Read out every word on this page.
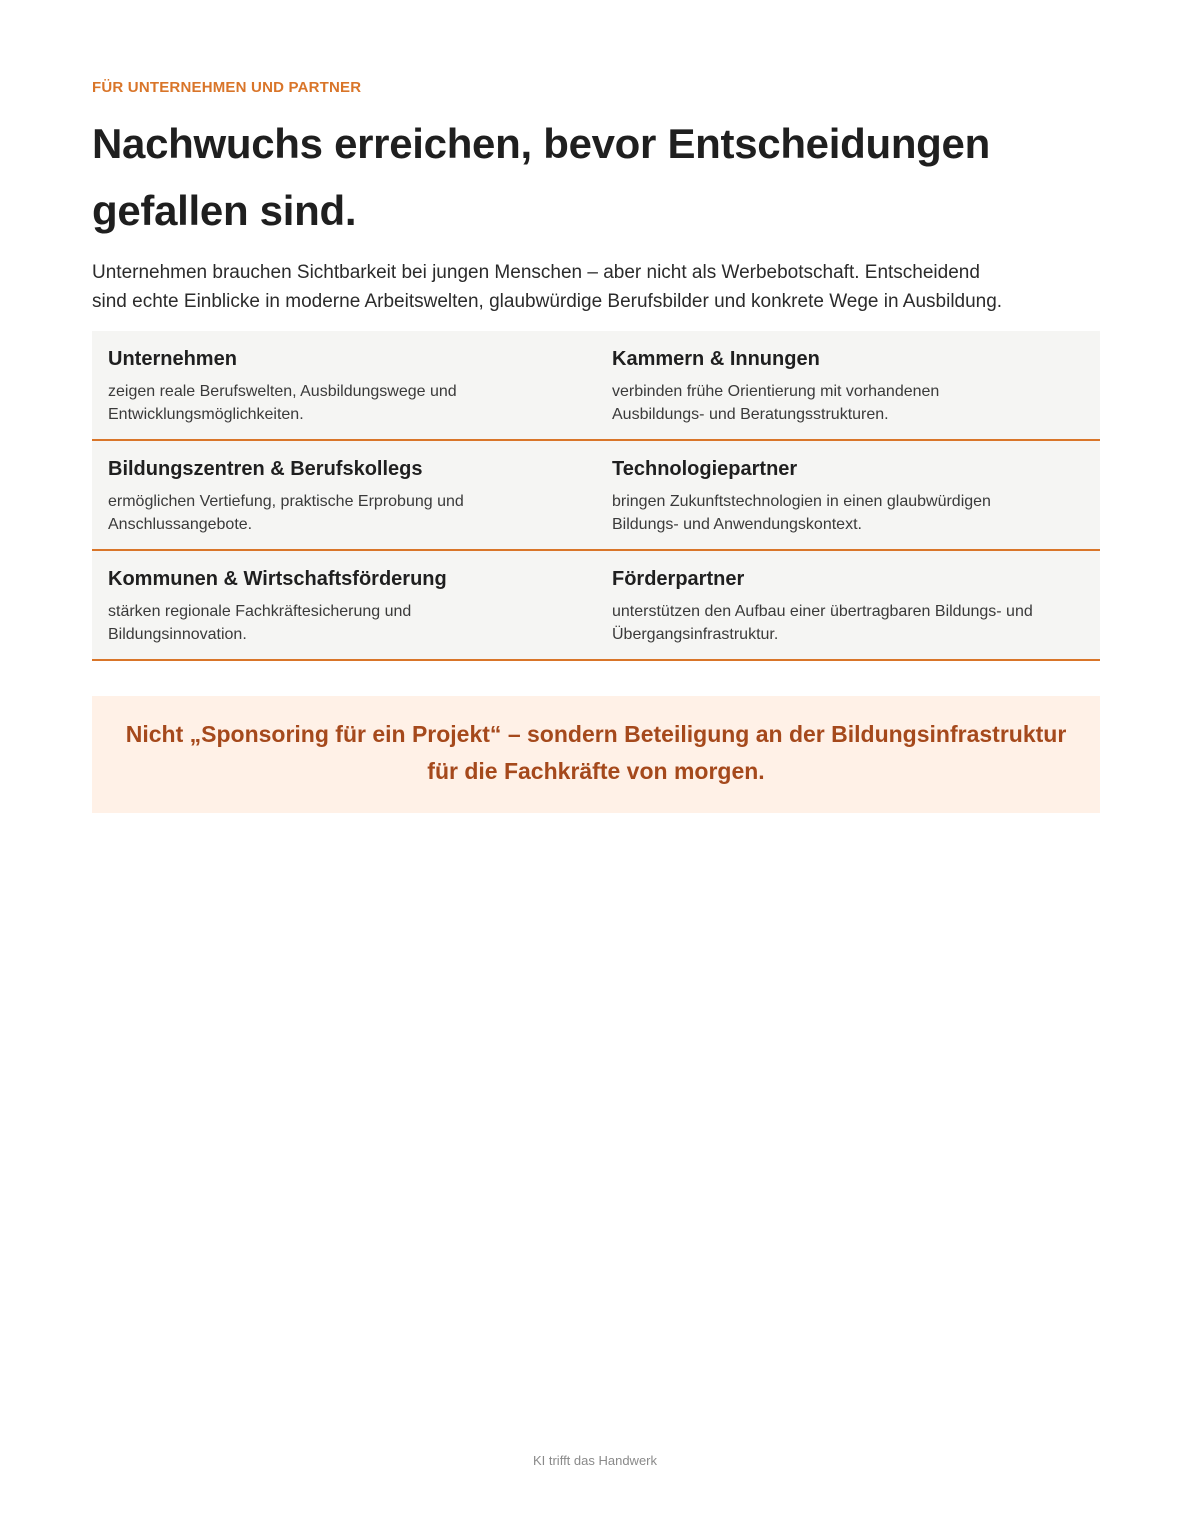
FÜR UNTERNEHMEN UND PARTNER

Nachwuchs erreichen, bevor Entscheidungen
gefallen sind.

Unternehmen brauchen Sichtbarkeit bei jungen Menschen – aber nicht als Werbebotschaft. Entscheidend
sind echte Einblicke in moderne Arbeitswelten, glaubwürdige Berufsbilder und konkrete Wege in Ausbildung.

Unternehmen

zeigen reale Berufswelten, Ausbildungswege und
Entwicklungsmöglichkeiten.

Kammern & Innungen

verbinden frühe Orientierung mit vorhandenen
Ausbildungs- und Beratungsstrukturen.

Bildungszentren & Berufskollegs

ermöglichen Vertiefung, praktische Erprobung und
Anschlussangebote.

Technologiepartner

bringen Zukunftstechnologien in einen glaubwürdigen
Bildungs- und Anwendungskontext.

Kommunen & Wirtschaftsförderung

stärken regionale Fachkräftesicherung und
Bildungsinnovation.

Förderpartner

unterstützen den Aufbau einer übertragbaren Bildungs- und
Übergangsinfrastruktur.

Nicht „Sponsoring für ein Projekt“ – sondern Beteiligung an der Bildungsinfrastruktur
für die Fachkräfte von morgen.

KI trifft das Handwerk
